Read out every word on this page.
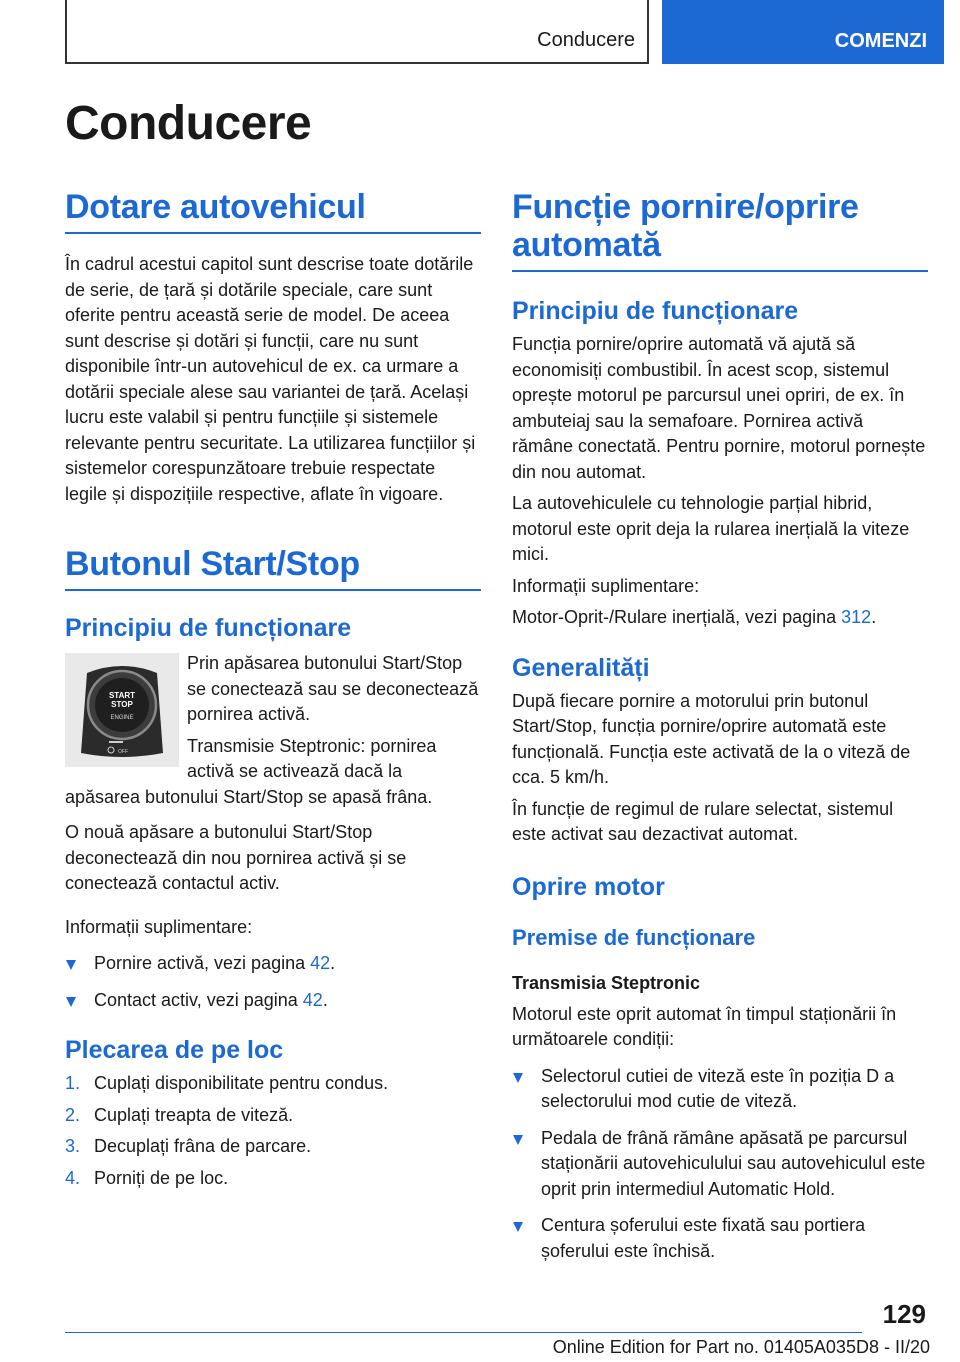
Conducere	COMENZI
Conducere
Dotare autovehicul

În cadrul acestui capitol sunt descrise toate dotările de serie, de țară și dotările speciale, care sunt oferite pentru această serie de model. De aceea sunt descrise și dotări și funcții, care nu sunt disponibile într-un autovehicul de ex. ca urmare a dotării speciale alese sau variantei de țară. Același lucru este valabil și pentru funcțiile și sistemele relevante pentru securitate. La utilizarea funcțiilor și sistemelor corespunzătoare trebuie respectate legile și dispozițiile respective, aflate în vigoare.

Butonul Start/Stop
Principiu de funcționare
START
STOP
ENGINE
OFF

Prin apăsarea butonului Start/Stop se conectează sau se deconectează pornirea activă.

Transmisie Steptronic: pornirea activă se activează dacă la apăsarea butonului Start/Stop se apasă frâna.

O nouă apăsare a butonului Start/Stop deconectează din nou pornirea activă și se conectează contactul activ.

Informații suplimentare:

Pornire activă, vezi pagina 42.
Contact activ, vezi pagina 42.
Plecarea de pe loc
1. Cuplați disponibilitate pentru condus.
2. Cuplați treapta de viteză.
3. Decuplați frâna de parcare.
4. Porniți de pe loc.
Funcție pornire/oprire automată
Principiu de funcționare

Funcția pornire/oprire automată vă ajută să economisiți combustibil. În acest scop, sistemul oprește motorul pe parcursul unei opriri, de ex. în ambuteiaj sau la semafoare. Pornirea activă rămâne conectată. Pentru pornire, motorul pornește din nou automat.

La autovehiculele cu tehnologie parțial hibrid, motorul este oprit deja la rularea inerțială la viteze mici.

Informații suplimentare:

Motor-Oprit-/Rulare inerțială, vezi pagina 312.

Generalități

După fiecare pornire a motorului prin butonul Start/Stop, funcția pornire/oprire automată este funcțională. Funcția este activată de la o viteză de cca. 5 km/h.

În funcție de regimul de rulare selectat, sistemul este activat sau dezactivat automat.

Oprire motor
Premise de funcționare
Transmisia Steptronic

Motorul este oprit automat în timpul staționării în următoarele condiții:

Selectorul cutiei de viteză este în poziția D a selectorului mod cutie de viteză.
Pedala de frână rămâne apăsată pe parcursul staționării autovehiculului sau autovehiculul este oprit prin intermediul Automatic Hold.
Centura șoferului este fixată sau portiera șoferului este închisă.
129
Online Edition for Part no. 01405A035D8 - II/20
